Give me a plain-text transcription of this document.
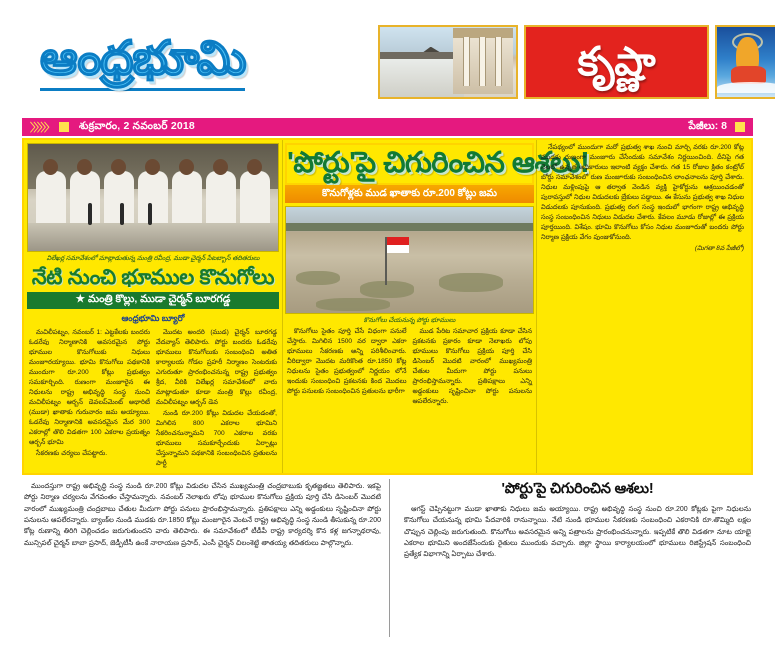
ఆంధ్రభూమి	కృష్ణా
〉〉〉〉〉 శుక్రవారం, 2 నవంబర్ 2018	పేజీలు: 8
విలేఖర్ల సమావేశంలో మాట్లాడుతున్న మంత్రి రవీంద్ర, ముడా చైర్మన్ పేటబ్బాస్ తదితరులు
నేటి నుంచి భూముల కొనుగోలు
★ మంత్రి కొల్లు, ముడా చైర్మన్ బూరగడ్డ
ఆంధ్రభూమి బ్యూరో

మచిలీపట్నం, నవంబర్ 1: ఎట్టకేలకు బందరు ఓడరేవు నిర్మాణానికి అవసరమైన పోర్టు భూముల కొనుగోలుకు నిధులు మంజూరయ్యాయి. భూమి కొనుగోలు పథకానికి ముందుగా రూ.200 కోట్లు ప్రభుత్వం సమకూర్చింది. రుణంగా మంజూరైన ఈ నిధులను రాష్ట్ర అభివృద్ధి సంస్థ నుంచి మచిలీపట్నం ఆర్బన్ డెవలప్‌మెంట్ అథారిటీ (ముడా) ఖాతాకు గురువారం జమ అయ్యాయి. ఓడరేవు నిర్మాణానికి అవసరమైన మేర 300 ఎకరాల్లో తొలి విడతగా 100 ఎకరాల ప్రయత్నం ఆర్బన్ భూమి

సేకరణకు చర్యలు చేపట్టారు.

మొదట అందరి (ముడ) చైర్మన్ బూరగడ్డ వేదవ్యాస్ తెలిపారు. పోర్టు బందరు ఓడరేవు భూములు కొనుగోలుకు సంబంధించి అతిత కార్యాలయ గోడల ప్రహరీ నిర్మాణం సెంటరుకు ఎగురుతూ ప్రారంభించనున్న రాష్ట్ర ప్రభుత్వం శ్రీద, వీరికి విలేఖర్ల సమావేశంలో వారు మాట్లాడుతూ కూడా మంత్రి కొల్లు రవీంద్ర, మచిలీపట్నం ఆర్బన్ డెవ

నుండి రూ.200 కోట్లు విడుదల చేయడంతో, మిగిలిన 800 ఎకరాల భూమిని సేకరించనున్నామని 700 ఎకరాల వరకు భూములు సమకూర్చేందుకు ఏర్పాట్లు చేస్తున్నామని పథకానికి సంబంధించిన ప్రతులను పార్టీ

'పోర్టు'పై చిగురించిన ఆశలు!
కొనుగోళ్లకు ముడ ఖాతాకు రూ.200 కోట్లు జమ
కొనుగోలు చేయనున్న పోర్టు భూములు

కొనుగోలు సైతం పూర్తి చేసే విధంగా పనులే చేస్తారు. మిగిలిన 1500 వర ద్వారా ఎకరా భూములు సేకరణకు అన్ని పరిశీలించారు. వీరిద్వారా మొదట మరికొంత రూ.1850 కోట్ల నిధులను సైతం ప్రభుత్వంలో నిర్ణయం లోనే ఇందుకు సంబంధించి ప్రకటనకు కింద మొదలు పోర్టు పనులకు సంబంధించిన ప్రతులను భారీగా

ముడ పేరిట సమాచార ప్రక్రియ కూడా చేసిన ప్రకటనకు ప్రకారం కూడా నెలాఖరు లోపు భూములు కొనుగోలు ప్రక్రియ పూర్తి చేసి డిసెంబర్ మొదటి వారంలో ముఖ్యమంత్రి చేతుల మీదుగా పోర్టు పనులు ప్రారంభిస్తామన్నారు. ప్రతిపక్షాలు ఎన్ని అడ్డంకులు సృష్టించినా పోర్టు పనులను ఆపలేరన్నారు.

నేపథ్యంలో ముందుగా మరో ప్రభుత్వ శాఖ నుంచి మార్చి వరకు రూ.200 కోట్ల ముడకు రుణంగా మంజూరు చేసేందుకు సమావేశం నిర్ణయించింది. దీనిపై గత నెలలో ఉన్నత అధికారులు ఇలాంటి వ్యక్తం చేశారు. గత 15 రోజుల క్రితం కంట్రోల్ బోర్డు సమావేశంలో రుణ మంజూరుకు సంబంధించిన లాంఛనాలను పూర్తి చేశారు. నిధుల మళ్లింపుపై ఆ తర్వాత వెండిన వ్యక్తి హైకోర్టును ఆశ్రయించడంతో పురావస్తులో నిధుల విడుదలకు బ్రేకులు పడ్డాయి. ఈ కేసును ప్రభుత్వ శాఖ నిధుల విడుదలకు పూనుకుంది. ప్రభుత్వ రంగ సంస్థ ఇందులో భాగంగా రాష్ట్ర అభివృద్ధి సంస్థ సంబంధించిన నిధులు విడుదల చేశారు. కేవలం మూడు రోజుల్లో ఈ ప్రక్రియ పూర్తయింది. విశేషం. భూమి కొనుగోలు కోసం నిధుల మంజూరుతో బందరు పోర్టు నిర్మాణ ప్రక్రియ వేగం పుంజుకోనుంది.

(మిగతా 8వ పేజీలో)

ముందస్తుగా రాష్ట్ర అభివృద్ధి సంస్థ నుండి రూ.200 కోట్లు విడుదల చేసిన ముఖ్యమంత్రి చంద్రబాబుకు కృతజ్ఞతలు తెలిపారు. ఇకపై పోర్టు నిర్మాణ చర్యలను వేగవంతం చేస్తామన్నారు. నవంబర్ నెలాఖరు లోపు భూముల కొనుగోలు ప్రక్రియ పూర్తి చేసి డిసెంబర్ మొదటి వారంలో ముఖ్యమంత్రి చంద్రబాబు చేతుల మీదుగా పోర్టు పనులు ప్రారంభిస్తామన్నారు. ప్రతిపక్షాలు ఎన్ని అడ్డంకులు సృష్టించినా పోర్టు పనులను ఆపలేరన్నారు. బ్యాంక్‌ల నుండి ముడకు రూ.1850 కోట్లు మంజూరైన వెంటనే రాష్ట్ర అభివృద్ధి సంస్థ నుండి తీసుకున్న రూ.200 కోట్ల రుణాన్ని తిరిగి చెల్లించడం జరుగుతుందని వారు తెలిపారు. ఈ సమావేశంలో టీడీపీ రాష్ట్ర కార్యదర్శి కొన కళ్ల జగన్నాథరావు, మున్సిపల్ చైర్మన్ బాబా ప్రసాద్, జెడ్పీటీసీ ఉంకే నారాయణ ప్రసాద్, ఎంసీ చైర్మన్ చిలంశెట్టి తాతయ్య తదితరులు పాల్గొన్నారు.

'పోర్టు'పై చిగురించిన ఆశలు!

ఆగస్ట్ చెప్పినట్టుగా ముడా ఖాతాకు నిధులు జమ అయ్యాయి. రాష్ట్ర అభివృద్ధి సంస్థ నుంచి రూ.200 కోట్లకు పైగా నిధులను కొనుగోలు చేయనున్న భూమి పేదవారికి రానున్నాయి. నేటి నుండి భూముల సేకరణకు సంబంధించి ఎకరానికి రూ.తొమ్మిది లక్షల చొప్పున చెల్లింపు జరుగుతుంది. కొనుగోలు అవసరమైన అన్ని పత్రాలను ప్రారంభించనున్నారు. ఇప్పటికే తొలి విడతగా నూట యాభై ఎకరాల భూమిని అందజేసేందుకు రైతులు ముందుకు వచ్చారు. జిల్లా స్థాయి కార్యాలయంలో భూములు రిజిస్ట్రేషన్ సంబంధించి ప్రత్యేక విభాగాన్ని ఏర్పాటు చేశారు.
